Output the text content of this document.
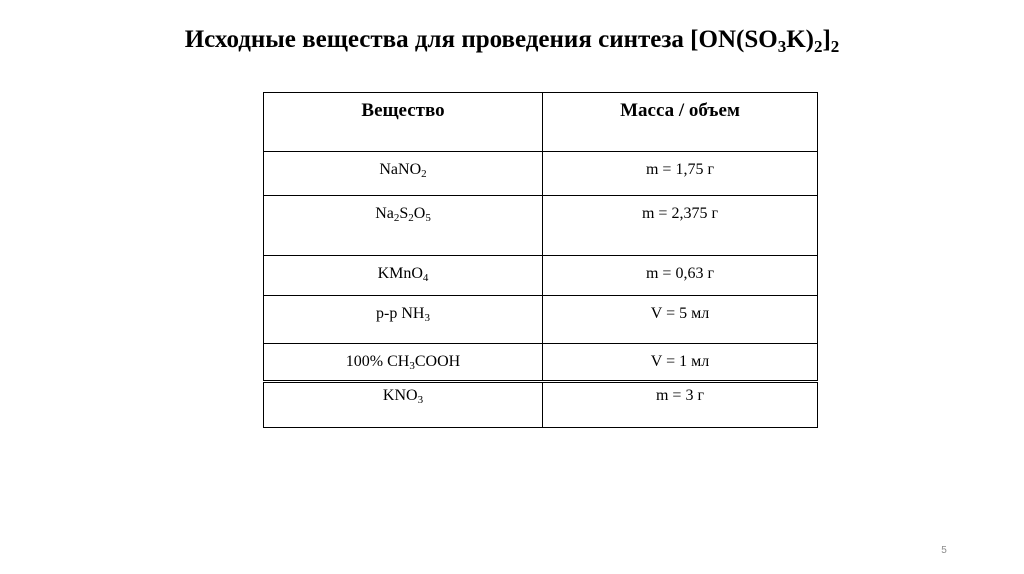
Исходные вещества для проведения синтеза $[ON(SO_3K)_2]_2$
Вещество	Масса / объем
NaNO$_2$	m = 1,75 г
$Na_2S_2O_5$	m = 2,375 г
KMnO$_4$	m = 0,63 г
р-р $NH_3$	V = 5 мл
100% $CH_3COOH$	V = 1 мл
$KNO_3$	m = 3 г
5
